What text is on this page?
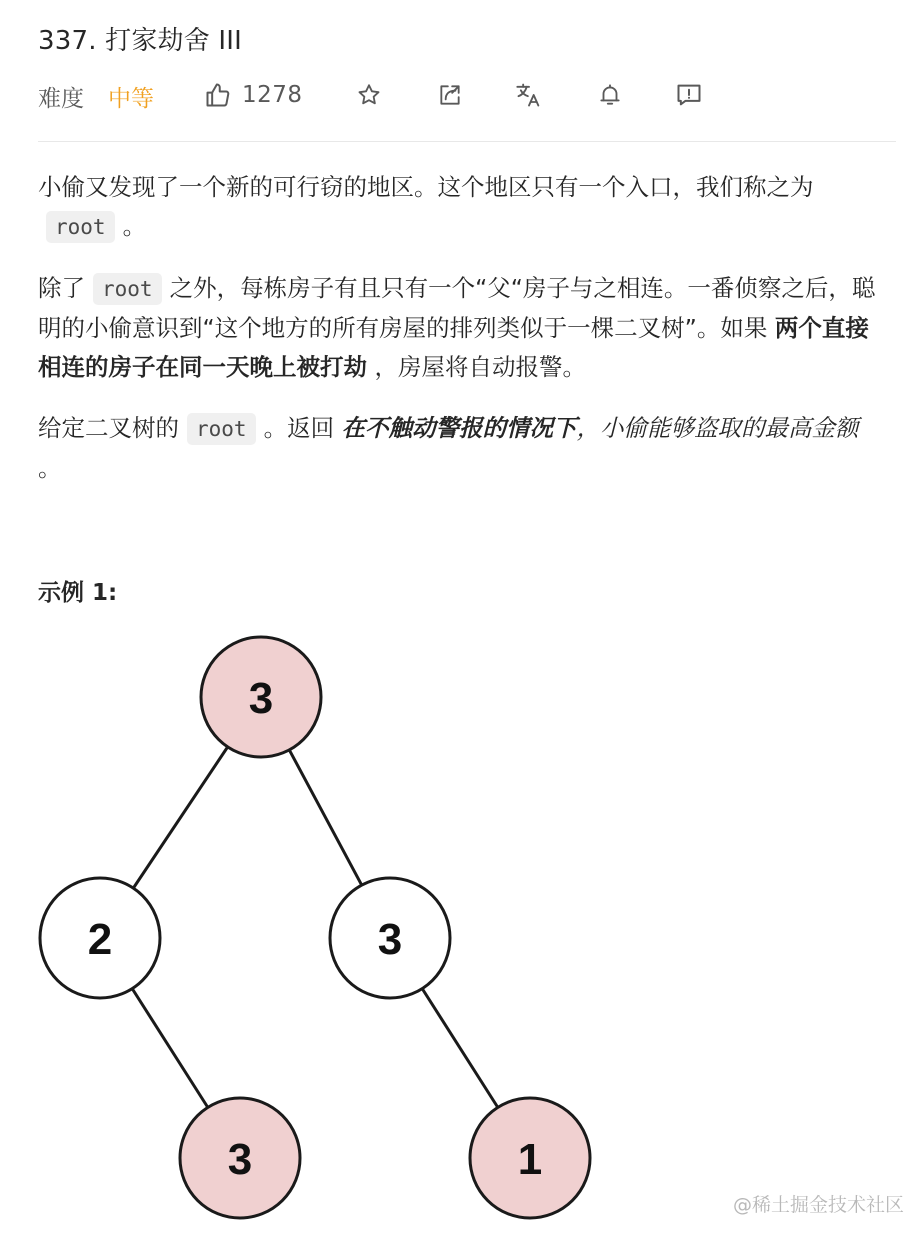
337. 打家劫舍 III
难度 中等	1278

小偷又发现了一个新的可行窃的地区。这个地区只有一个入口，我们称之为root 。

除了 root 之外，每栋房子有且只有一个“父“房子与之相连。一番侦察之后，聪明的小偷意识到“这个地方的所有房屋的排列类似于一棵二叉树”。如果 两个直接相连的房子在同一天晚上被打劫 ，房屋将自动报警。

给定二叉树的 root 。返回 在不触动警报的情况下，小偷能够盗取的最高金额 。

示例 1:
3
2	3
3	1
@稀土掘金技术社区
